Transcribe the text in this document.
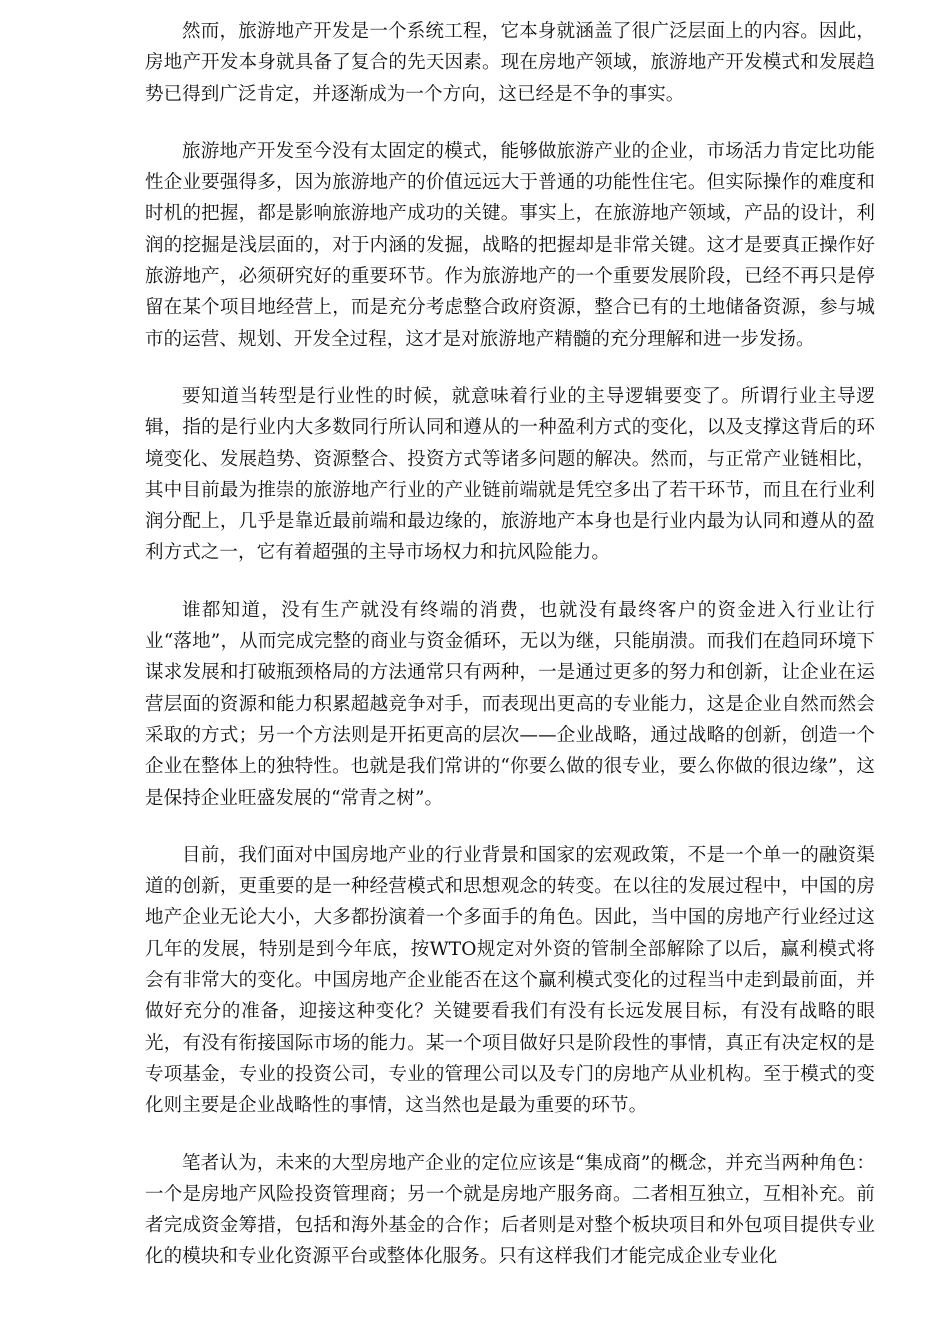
然而，旅游地产开发是一个系统工程，它本身就涵盖了很广泛层面上的内容。因此，房地产开发本身就具备了复合的先天因素。现在房地产领域，旅游地产开发模式和发展趋势已得到广泛肯定，并逐渐成为一个方向，这已经是不争的事实。

旅游地产开发至今没有太固定的模式，能够做旅游产业的企业，市场活力肯定比功能性企业要强得多，因为旅游地产的价值远远大于普通的功能性住宅。但实际操作的难度和时机的把握，都是影响旅游地产成功的关键。事实上，在旅游地产领域，产品的设计，利润的挖掘是浅层面的，对于内涵的发掘，战略的把握却是非常关键。这才是要真正操作好旅游地产，必须研究好的重要环节。作为旅游地产的一个重要发展阶段，已经不再只是停留在某个项目地经营上，而是充分考虑整合政府资源，整合已有的土地储备资源，参与城市的运营、规划、开发全过程，这才是对旅游地产精髓的充分理解和进一步发扬。

要知道当转型是行业性的时候，就意味着行业的主导逻辑要变了。所谓行业主导逻辑，指的是行业内大多数同行所认同和遵从的一种盈利方式的变化，以及支撑这背后的环境变化、发展趋势、资源整合、投资方式等诸多问题的解决。然而，与正常产业链相比，其中目前最为推崇的旅游地产行业的产业链前端就是凭空多出了若干环节，而且在行业利润分配上，几乎是靠近最前端和最边缘的，旅游地产本身也是行业内最为认同和遵从的盈利方式之一，它有着超强的主导市场权力和抗风险能力。

谁都知道，没有生产就没有终端的消费，也就没有最终客户的资金进入行业让行业“落地”，从而完成完整的商业与资金循环，无以为继，只能崩溃。而我们在趋同环境下谋求发展和打破瓶颈格局的方法通常只有两种，一是通过更多的努力和创新，让企业在运营层面的资源和能力积累超越竞争对手，而表现出更高的专业能力，这是企业自然而然会采取的方式；另一个方法则是开拓更高的层次——企业战略，通过战略的创新，创造一个企业在整体上的独特性。也就是我们常讲的“你要么做的很专业，要么你做的很边缘”，这是保持企业旺盛发展的“常青之树”。

目前，我们面对中国房地产业的行业背景和国家的宏观政策，不是一个单一的融资渠道的创新，更重要的是一种经营模式和思想观念的转变。在以往的发展过程中，中国的房地产企业无论大小，大多都扮演着一个多面手的角色。因此，当中国的房地产行业经过这几年的发展，特别是到今年底，按WTO规定对外资的管制全部解除了以后，赢利模式将会有非常大的变化。中国房地产企业能否在这个赢利模式变化的过程当中走到最前面，并做好充分的准备，迎接这种变化？关键要看我们有没有长远发展目标，有没有战略的眼光，有没有衔接国际市场的能力。某一个项目做好只是阶段性的事情，真正有决定权的是专项基金，专业的投资公司，专业的管理公司以及专门的房地产从业机构。至于模式的变化则主要是企业战略性的事情，这当然也是最为重要的环节。

笔者认为，未来的大型房地产企业的定位应该是“集成商”的概念，并充当两种角色：一个是房地产风险投资管理商；另一个就是房地产服务商。二者相互独立，互相补充。前者完成资金筹措，包括和海外基金的合作；后者则是对整个板块项目和外包项目提供专业化的模块和专业化资源平台或整体化服务。只有这样我们才能完成企业专业化
